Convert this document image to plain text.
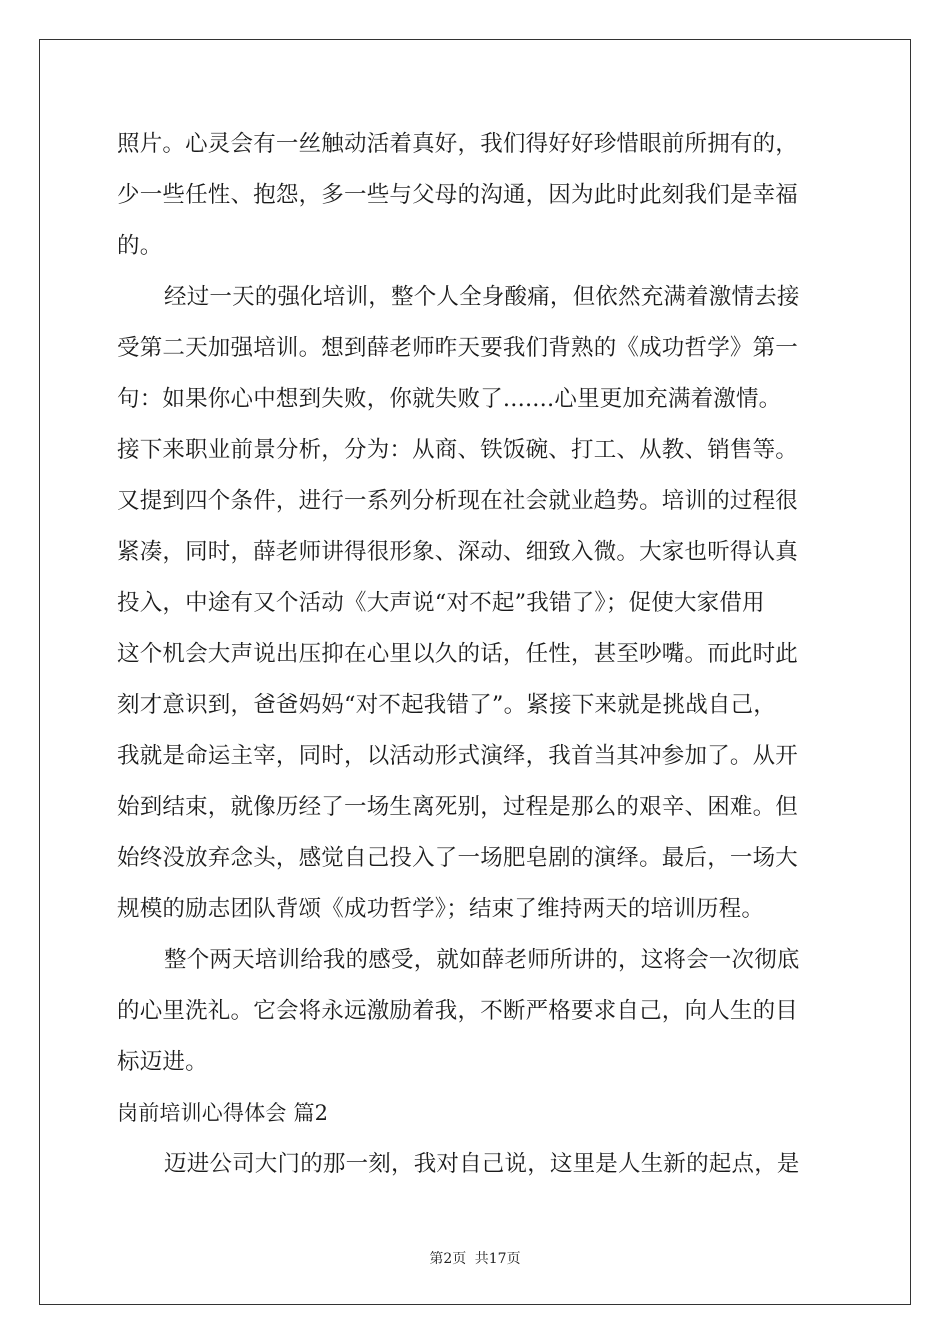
照片。心灵会有一丝触动活着真好，我们得好好珍惜眼前所拥有的，
少一些任性、抱怨，多一些与父母的沟通，因为此时此刻我们是幸福
的。
经过一天的强化培训，整个人全身酸痛，但依然充满着激情去接
受第二天加强培训。想到薛老师昨天要我们背熟的《成功哲学》第一
句：如果你心中想到失败，你就失败了.......心里更加充满着激情。
接下来职业前景分析，分为：从商、铁饭碗、打工、从教、销售等。
又提到四个条件，进行一系列分析现在社会就业趋势。培训的过程很
紧凑，同时，薛老师讲得很形象、深动、细致入微。大家也听得认真
投入，中途有又个活动《大声说“对不起”我错了》；促使大家借用
这个机会大声说出压抑在心里以久的话，任性，甚至吵嘴。而此时此
刻才意识到，爸爸妈妈“对不起我错了”。紧接下来就是挑战自己，
我就是命运主宰，同时，以活动形式演绎，我首当其冲参加了。从开
始到结束，就像历经了一场生离死别，过程是那么的艰辛、困难。但
始终没放弃念头，感觉自己投入了一场肥皂剧的演绎。最后，一场大
规模的励志团队背颂《成功哲学》；结束了维持两天的培训历程。
整个两天培训给我的感受，就如薛老师所讲的，这将会一次彻底
的心里洗礼。它会将永远激励着我，不断严格要求自己，向人生的目
标迈进。
岗前培训心得体会 篇2
迈进公司大门的那一刻，我对自己说，这里是人生新的起点，是
第2页 共17页
